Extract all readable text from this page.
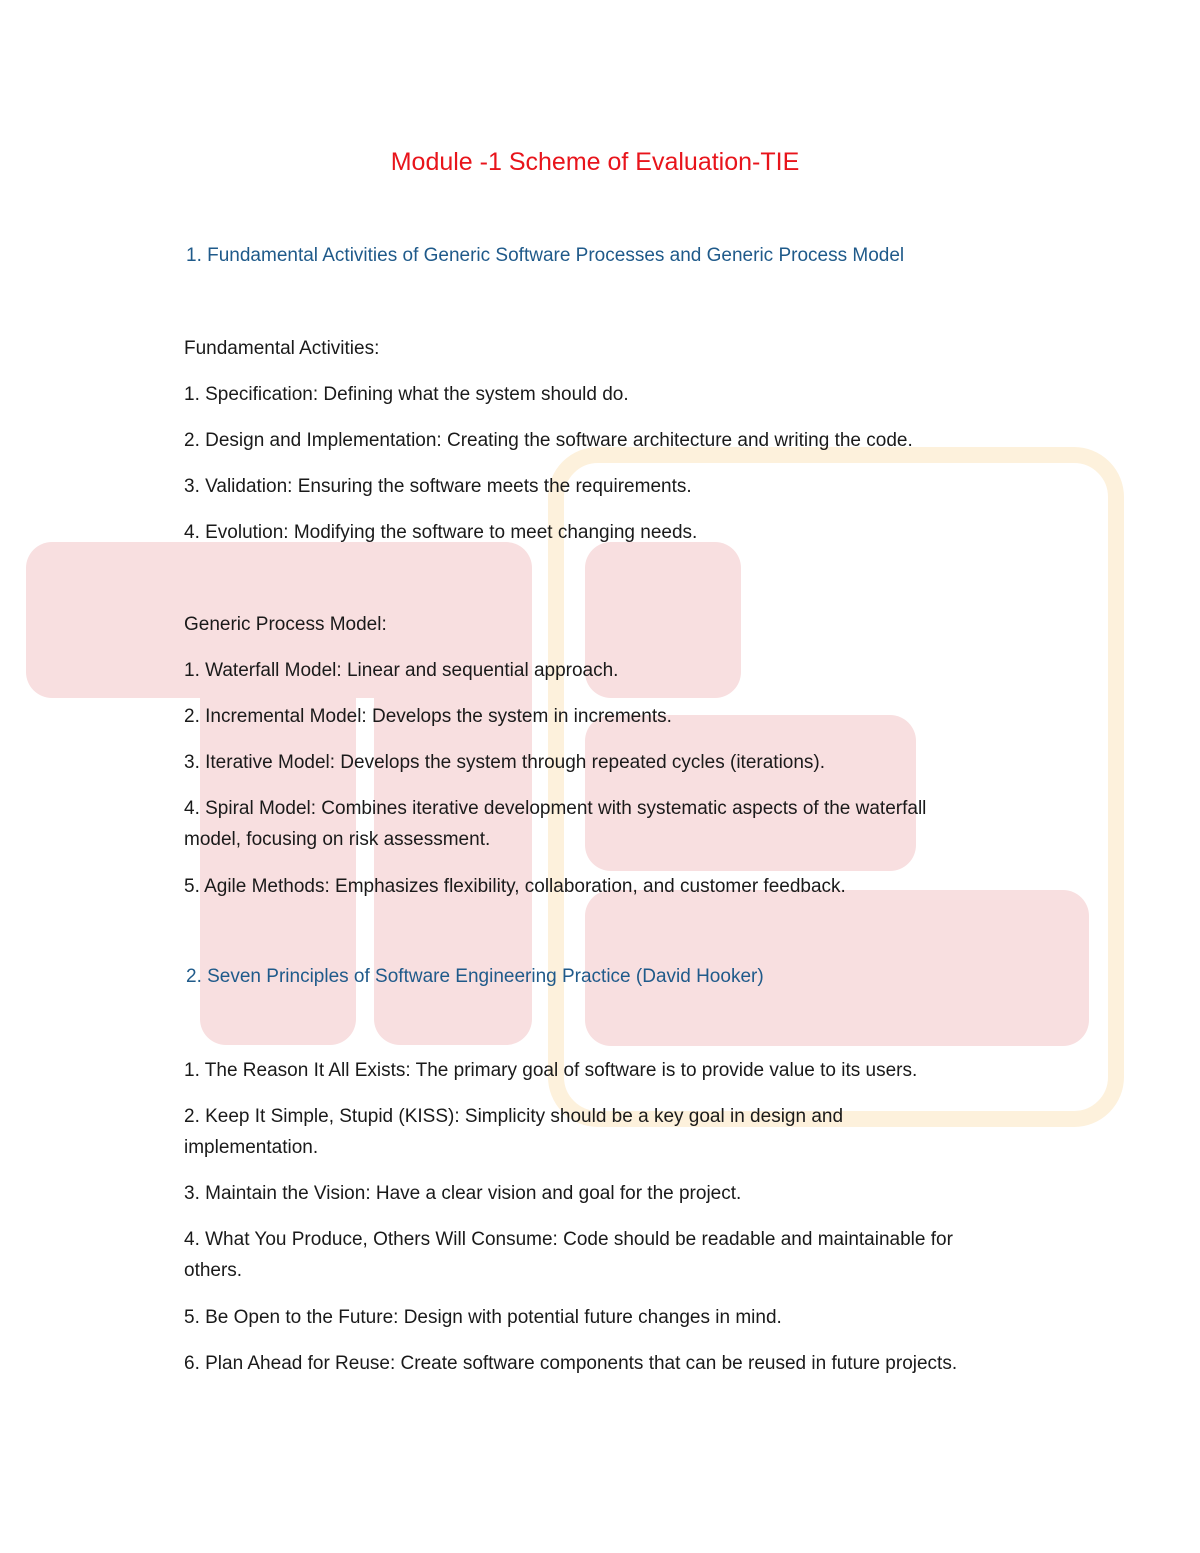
Module -1 Scheme of Evaluation-TIE
1. Fundamental Activities of Generic Software Processes and Generic Process Model

Fundamental Activities:

1. Specification: Defining what the system should do.

2. Design and Implementation: Creating the software architecture and writing the code.

3. Validation: Ensuring the software meets the requirements.

4. Evolution: Modifying the software to meet changing needs.

Generic Process Model:

1. Waterfall Model: Linear and sequential approach.

2. Incremental Model: Develops the system in increments.

3. Iterative Model: Develops the system through repeated cycles (iterations).

4. Spiral Model: Combines iterative development with systematic aspects of the waterfall model, focusing on risk assessment.

5. Agile Methods: Emphasizes flexibility, collaboration, and customer feedback.

2. Seven Principles of Software Engineering Practice (David Hooker)

1. The Reason It All Exists: The primary goal of software is to provide value to its users.

2. Keep It Simple, Stupid (KISS): Simplicity should be a key goal in design and implementation.

3. Maintain the Vision: Have a clear vision and goal for the project.

4. What You Produce, Others Will Consume: Code should be readable and maintainable for others.

5. Be Open to the Future: Design with potential future changes in mind.

6. Plan Ahead for Reuse: Create software components that can be reused in future projects.
